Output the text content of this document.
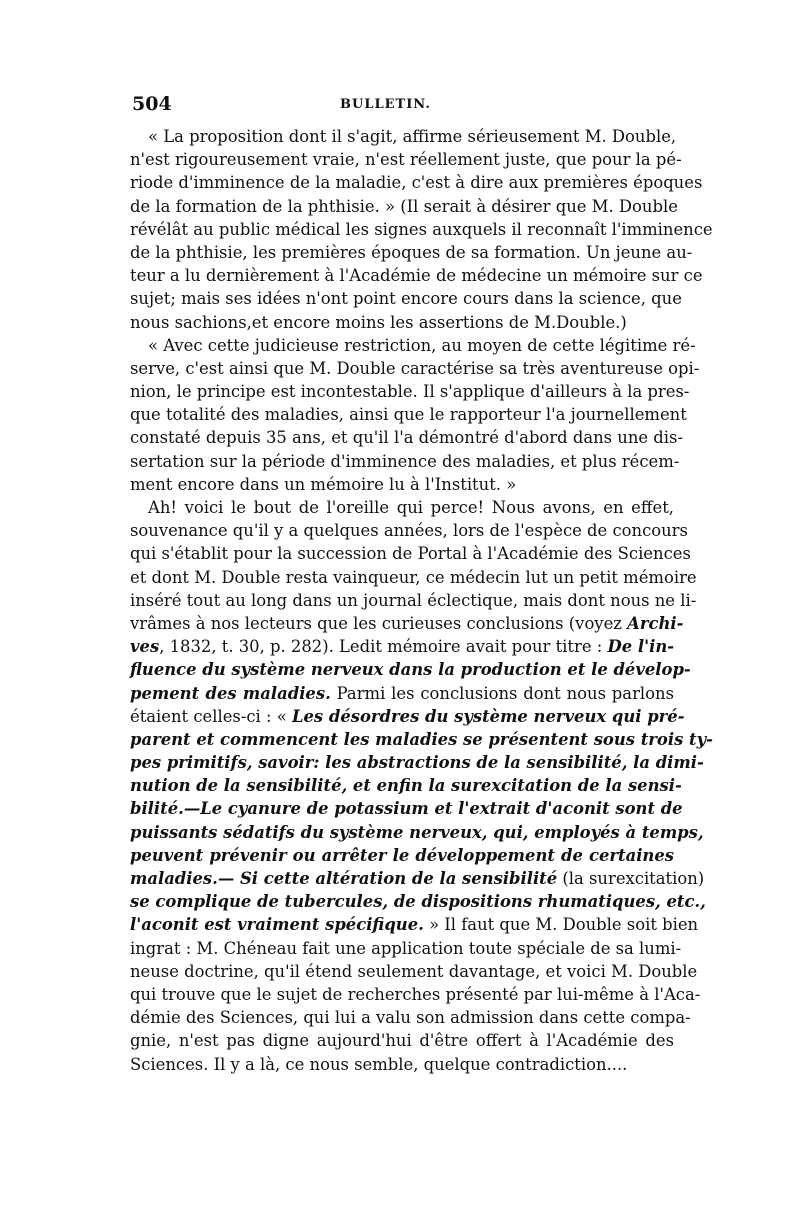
504	BULLETIN.
« La proposition dont il s'agit, affirme sérieusement M. Double,
n'est rigoureusement vraie, n'est réellement juste, que pour la pé-
riode d'imminence de la maladie, c'est à dire aux premières époques
de la formation de la phthisie. » (Il serait à désirer que M. Double
révélât au public médical les signes auxquels il reconnaît l'imminence
de la phthisie, les premières époques de sa formation. Un jeune au-
teur a lu dernièrement à l'Académie de médecine un mémoire sur ce
sujet; mais ses idées n'ont point encore cours dans la science, que
nous sachions,et encore moins les assertions de M.Double.)
« Avec cette judicieuse restriction, au moyen de cette légitime ré-
serve, c'est ainsi que M. Double caractérise sa très aventureuse opi-
nion, le principe est incontestable. Il s'applique d'ailleurs à la pres-
que totalité des maladies, ainsi que le rapporteur l'a journellement
constaté depuis 35 ans, et qu'il l'a démontré d'abord dans une dis-
sertation sur la période d'imminence des maladies, et plus récem-
ment encore dans un mémoire lu à l'Institut. »
Ah! voici le bout de l'oreille qui perce! Nous avons, en effet,
souvenance qu'il y a quelques années, lors de l'espèce de concours
qui s'établit pour la succession de Portal à l'Académie des Sciences
et dont M. Double resta vainqueur, ce médecin lut un petit mémoire
inséré tout au long dans un journal éclectique, mais dont nous ne li-
vrâmes à nos lecteurs que les curieuses conclusions (voyez Archi-
ves, 1832, t. 30, p. 282). Ledit mémoire avait pour titre : De l'in-
fluence du système nerveux dans la production et le dévelop-
pement des maladies. Parmi les conclusions dont nous parlons
étaient celles-ci : « Les désordres du système nerveux qui pré-
parent et commencent les maladies se présentent sous trois ty-
pes primitifs, savoir: les abstractions de la sensibilité, la dimi-
nution de la sensibilité, et enfin la surexcitation de la sensi-
bilité.—Le cyanure de potassium et l'extrait d'aconit sont de
puissants sédatifs du système nerveux, qui, employés à temps,
peuvent prévenir ou arrêter le développement de certaines
maladies.— Si cette altération de la sensibilité (la surexcitation)
se complique de tubercules, de dispositions rhumatiques, etc.,
l'aconit est vraiment spécifique. » Il faut que M. Double soit bien
ingrat : M. Chéneau fait une application toute spéciale de sa lumi-
neuse doctrine, qu'il étend seulement davantage, et voici M. Double
qui trouve que le sujet de recherches présenté par lui-même à l'Aca-
démie des Sciences, qui lui a valu son admission dans cette compa-
gnie, n'est pas digne aujourd'hui d'être offert à l'Académie des
Sciences. Il y a là, ce nous semble, quelque contradiction....
